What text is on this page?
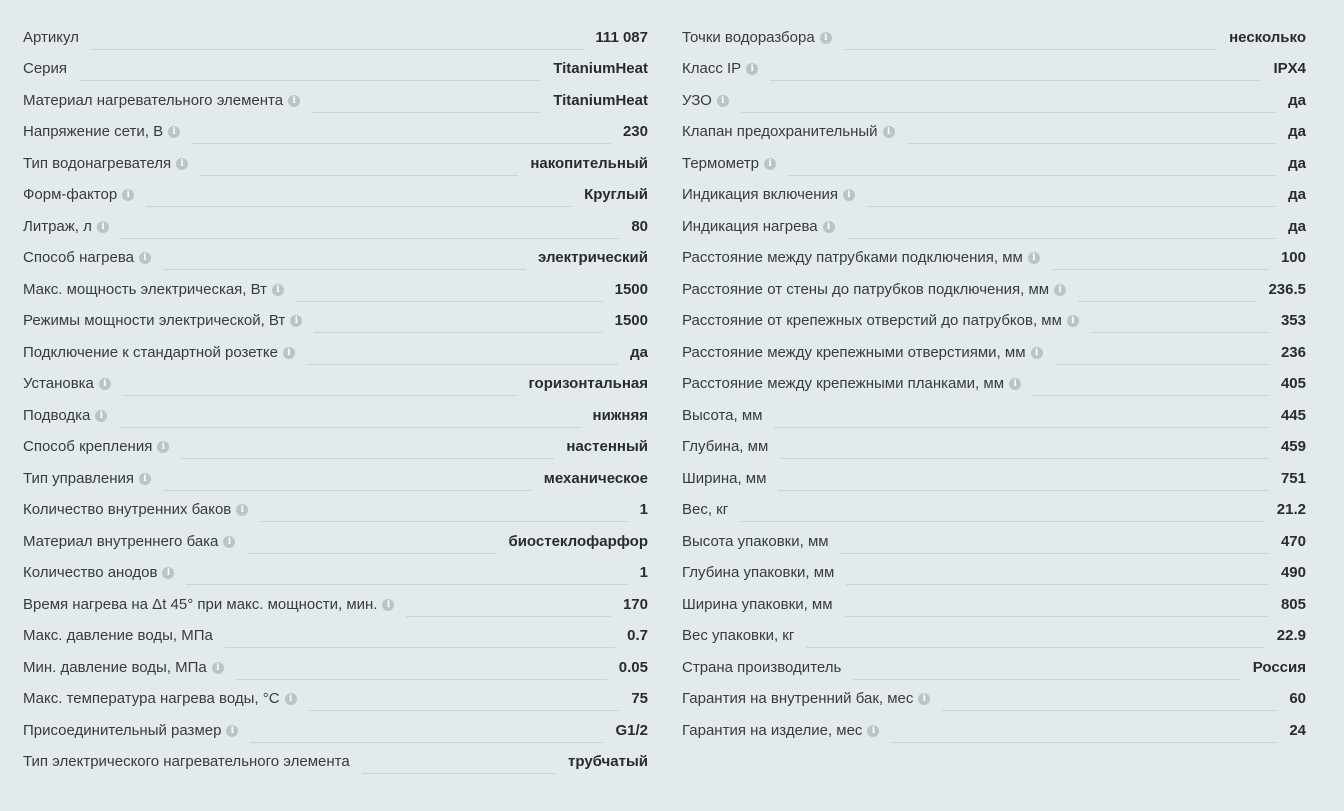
Артикул	111 087
Серия	TitaniumHeat
Материал нагревательного элемента	i	TitaniumHeat
Напряжение сети, В	i	230
Тип водонагревателя	i	накопительный
Форм-фактор	i	Круглый
Литраж, л	i	80
Способ нагрева	i	электрический
Макс. мощность электрическая, Вт	i	1500
Режимы мощности электрической, Вт	i	1500
Подключение к стандартной розетке	i	да
Установка	i	горизонтальная
Подводка	i	нижняя
Способ крепления	i	настенный
Тип управления	i	механическое
Количество внутренних баков	i	1
Материал внутреннего бака	i	биостеклофарфор
Количество анодов	i	1
Время нагрева на Δt 45° при макс. мощности, мин.	i	170
Макс. давление воды, МПа	0.7
Мин. давление воды, МПа	i	0.05
Макс. температура нагрева воды, °С	i	75
Присоединительный размер	i	G1/2
Тип электрического нагревательного элемента	трубчатый
Точки водоразбора	i	несколько
Класс IP	i	IPX4
УЗО	i	да
Клапан предохранительный	i	да
Термометр	i	да
Индикация включения	i	да
Индикация нагрева	i	да
Расстояние между патрубками подключения, мм	i	100
Расстояние от стены до патрубков подключения, мм	i	236.5
Расстояние от крепежных отверстий до патрубков, мм	i	353
Расстояние между крепежными отверстиями, мм	i	236
Расстояние между крепежными планками, мм	i	405
Высота, мм	445
Глубина, мм	459
Ширина, мм	751
Вес, кг	21.2
Высота упаковки, мм	470
Глубина упаковки, мм	490
Ширина упаковки, мм	805
Вес упаковки, кг	22.9
Страна производитель	Россия
Гарантия на внутренний бак, мес	i	60
Гарантия на изделие, мес	i	24
